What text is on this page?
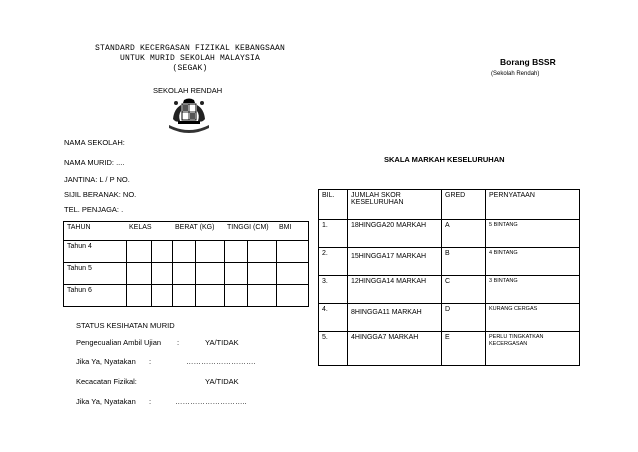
STANDARD KECERGASAN FIZIKAL KEBANGSAAN
UNTUK MURID SEKOLAH MALAYSIA
(SEGAK)
SEKOLAH RENDAH
Borang BSSR
(Sekolah Rendah)
NAMA SEKOLAH:
NAMA MURID: ....
JANTINA: L / P NO.
SIJIL BERANAK: NO.
TEL. PENJAGA: .
TAHUN	KELAS	BERAT (KG)	TINGGI (CM)	BMI
Tahun 4	

Tahun 5	

Tahun 6	

STATUS KESIHATAN MURID
Pengecualian Ambil Ujian :	YA/TIDAK
Jika Ya, Nyatakan :	……………………….
Kecacatan Fizikal:	YA/TIDAK
Jika Ya, Nyatakan :	………………………..
SKALA MARKAH KESELURUHAN
BIL.	JUMLAH SKOR KESELURUHAN	GRED	PERNYATAAN
1.	18HINGGA20 MARKAH	A	5 BINTANG
2.	15HINGGA17 MARKAH	B	4 BINTANG
3.	12HINGGA14 MARKAH	C	3 BINTANG
4.	8HINGGA11 MARKAH	D	KURANG CERGAS
5.	4HINGGA7 MARKAH	E	PERLU TINGKATKAN KECERGASAN
